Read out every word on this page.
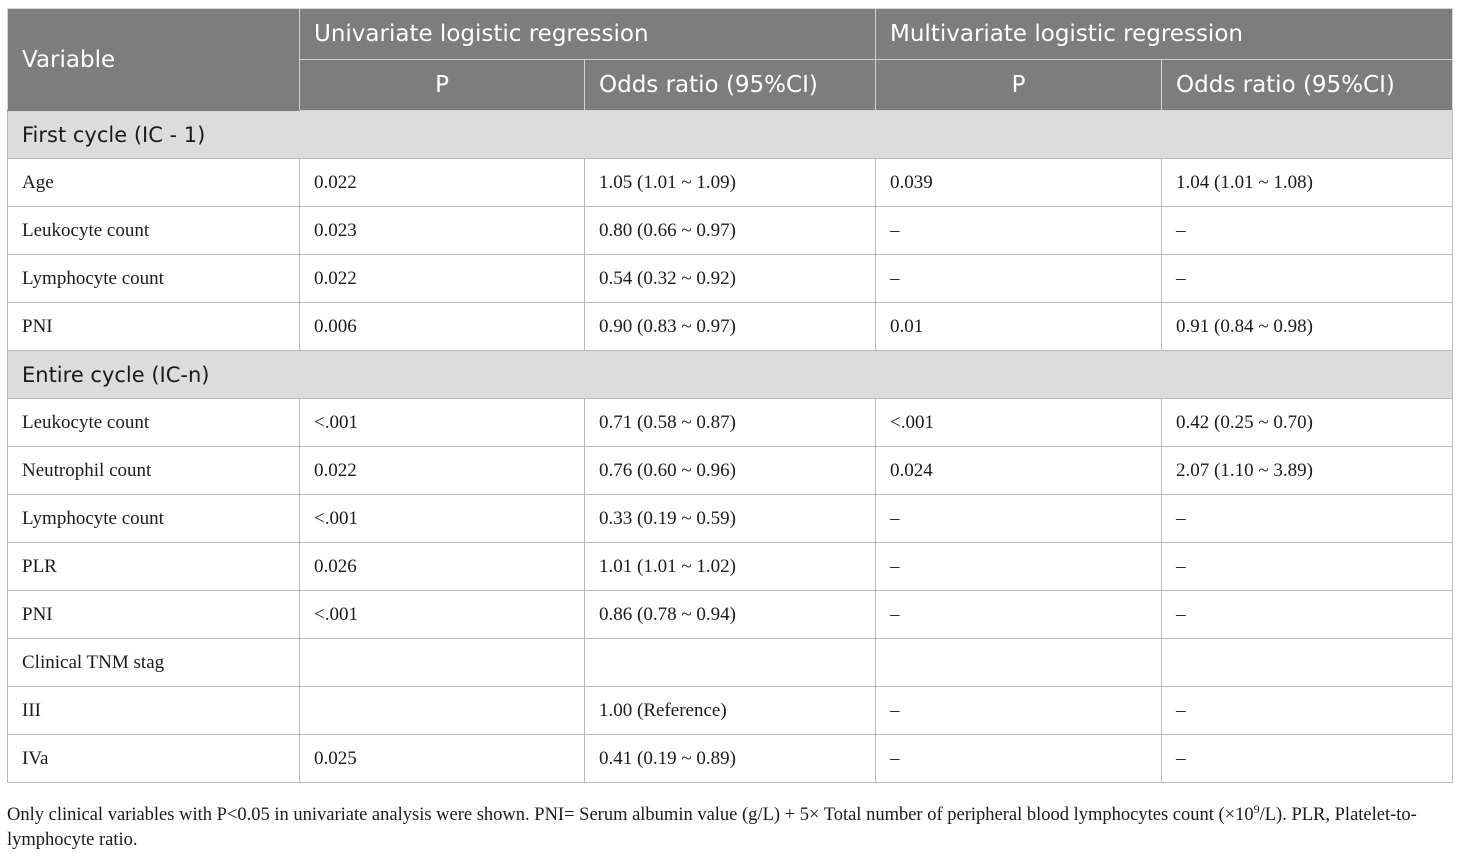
Variable	Univariate logistic regression		Multivariate logistic regression	
	P	Odds ratio (95%CI)	P	Odds ratio (95%CI)
First cycle (IC - 1)				
Age	0.022	1.05 (1.01 ~ 1.09)	0.039	1.04 (1.01 ~ 1.08)
Leukocyte count	0.023	0.80 (0.66 ~ 0.97)	–	–
Lymphocyte count	0.022	0.54 (0.32 ~ 0.92)	–	–
PNI	0.006	0.90 (0.83 ~ 0.97)	0.01	0.91 (0.84 ~ 0.98)
Entire cycle (IC-n)				
Leukocyte count	<.001	0.71 (0.58 ~ 0.87)	<.001	0.42 (0.25 ~ 0.70)
Neutrophil count	0.022	0.76 (0.60 ~ 0.96)	0.024	2.07 (1.10 ~ 3.89)
Lymphocyte count	<.001	0.33 (0.19 ~ 0.59)	–	–
PLR	0.026	1.01 (1.01 ~ 1.02)	–	–
PNI	<.001	0.86 (0.78 ~ 0.94)	–	–
Clinical TNM stag				
III		1.00 (Reference)	–	–
IVa	0.025	0.41 (0.19 ~ 0.89)	–	–
Only clinical variables with P<0.05 in univariate analysis were shown. PNI= Serum albumin value (g/L) + 5× Total number of peripheral blood lymphocytes count $(\times 10^9/L)$. PLR, Platelet-to-lymphocyte ratio.
